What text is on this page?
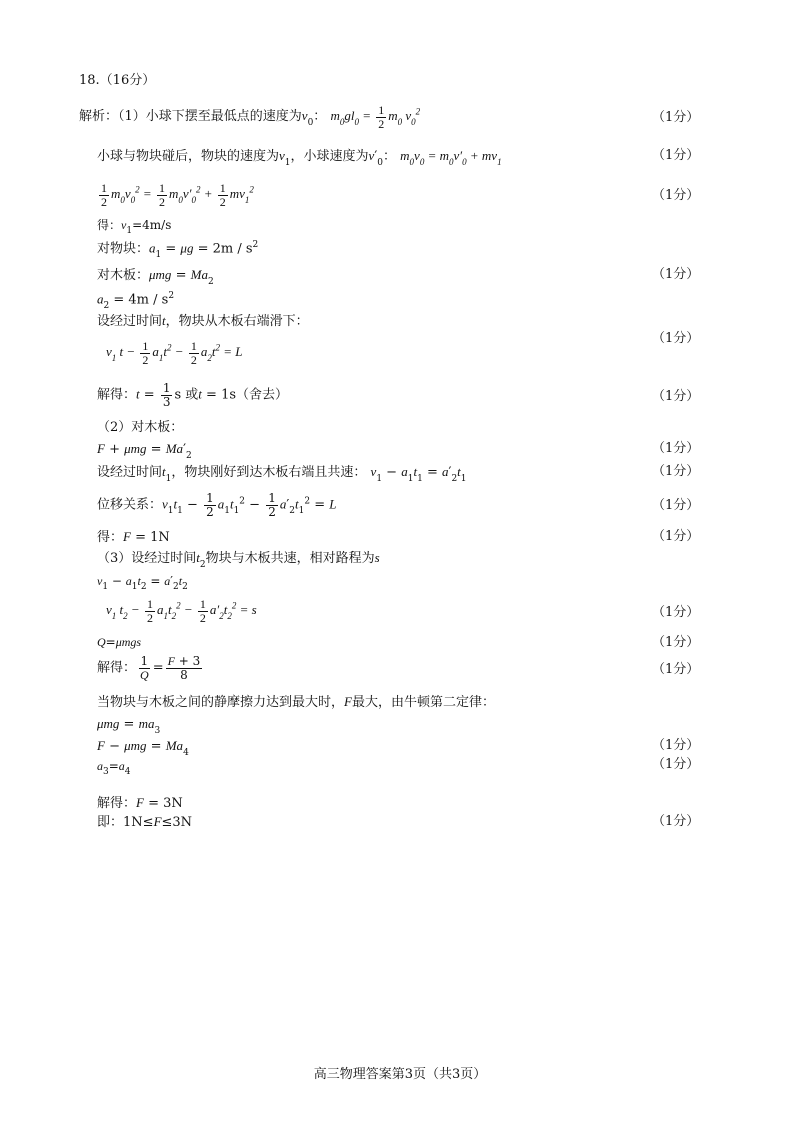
18.（16分）
解析：（1）小球下摆至最低点的速度为$v_0$： $m_0gl_0 = \frac{1}{2} m_0$ $v_0^2$	（1分）
小球与物块碰后，物块的速度为$v_1$，小球速度为$v'_0$： $m_0v_0 = m_0v'_0 + mv_1$	（1分）
$\frac{1}{2} m_0v_0^2 = \frac{1}{2} m_0v'_0^2 + \frac{1}{2} mv_1^2$	（1分）
得：$v_1=4m/s$
对物块：$a_1 = \mu g = 2m / s^2$
对木板：$\mu mg = Ma_2$	（1分）
$a_2 = 4m / s^2$
设经过时间t，物块从木板右端滑下：
（1分）
$v_1$ $t - \frac{1}{2} a_1t^2 - \frac{1}{2} a_2t^2 = L$
解得：$t = \frac{1}{3}$ s 或t = 1s（舍去）	（1分）
（2）对木板：
$F + \mu mg = Ma'_2$	（1分）
设经过时间$t_1$，物块刚好到达木板右端且共速： $v_1 - a_1t_1 = a'_2t_1$	（1分）
位移关系：$v_1t_1 - \frac{1}{2} a_1t_1^2 - \frac{1}{2} a'_2t_1^2 = L$	（1分）
得：F = 1N	（1分）
（3）设经过时间$t_2$物块与木板共速，相对路程为s
$v_1 - a_1t_2 = a'_2t_2$
$v_1$ $t_2 - \frac{1}{2} a_1t_2^2 - \frac{1}{2} a'_2t_2^2 = s$	（1分）
Q=μmgs	（1分）
解得： $\frac{1}{Q} = \frac{F + 3}{8}$	（1分）
当物块与木板之间的静摩擦力达到最大时，F最大，由牛顿第二定律：
$\mu mg = ma_3$
$F - \mu mg = Ma_4$	（1分）
$a_3=a_4$
（1分）
解得：F = 3N
即：1N≤F≤3N	（1分）
高三物理答案第3页（共3页）
